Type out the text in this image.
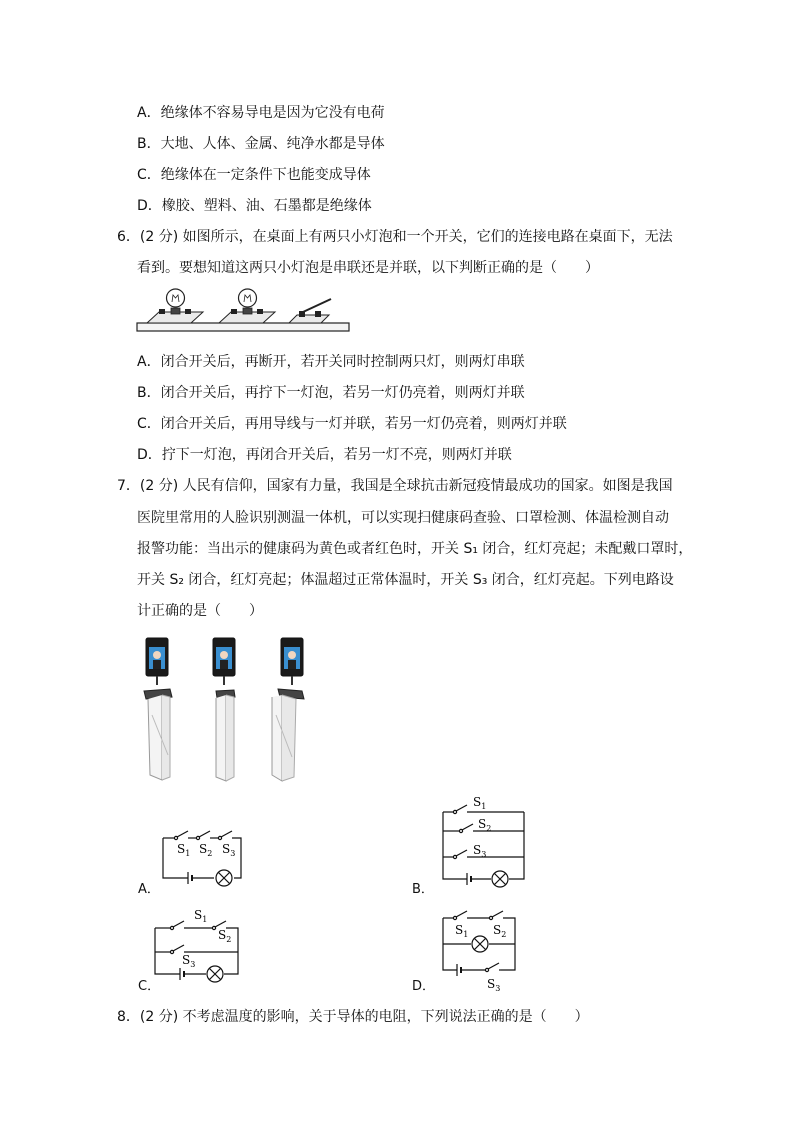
A．绝缘体不容易导电是因为它没有电荷
B．大地、人体、金属、纯净水都是导体
C．绝缘体在一定条件下也能变成导体
D．橡胶、塑料、油、石墨都是绝缘体
6．(2 分) 如图所示，在桌面上有两只小灯泡和一个开关，它们的连接电路在桌面下，无法
看到。要想知道这两只小灯泡是串联还是并联，以下判断正确的是（　　）
A．闭合开关后，再断开，若开关同时控制两只灯，则两灯串联
B．闭合开关后，再拧下一灯泡，若另一灯仍亮着，则两灯并联
C．闭合开关后，再用导线与一灯并联，若另一灯仍亮着，则两灯并联
D．拧下一灯泡，再闭合开关后，若另一灯不亮，则两灯并联
7．(2 分) 人民有信仰，国家有力量，我国是全球抗击新冠疫情最成功的国家。如图是我国
医院里常用的人脸识别测温一体机，可以实现扫健康码查验、口罩检测、体温检测自动
报警功能：当出示的健康码为黄色或者红色时，开关 S₁ 闭合，红灯亮起；未配戴口罩时，
开关 S₂ 闭合，红灯亮起；体温超过正常体温时，开关 S₃ 闭合，红灯亮起。下列电路设
计正确的是（　　）
A．
$S_1$ $S_2$ $S_3$
B．
$S_1$
$S_2$
$S_3$
C．
$S_1$
$S_2$
$S_3$
D．
$S_1$ $S_2$
$S_3$
8．(2 分) 不考虑温度的影响，关于导体的电阻，下列说法正确的是（　　）
